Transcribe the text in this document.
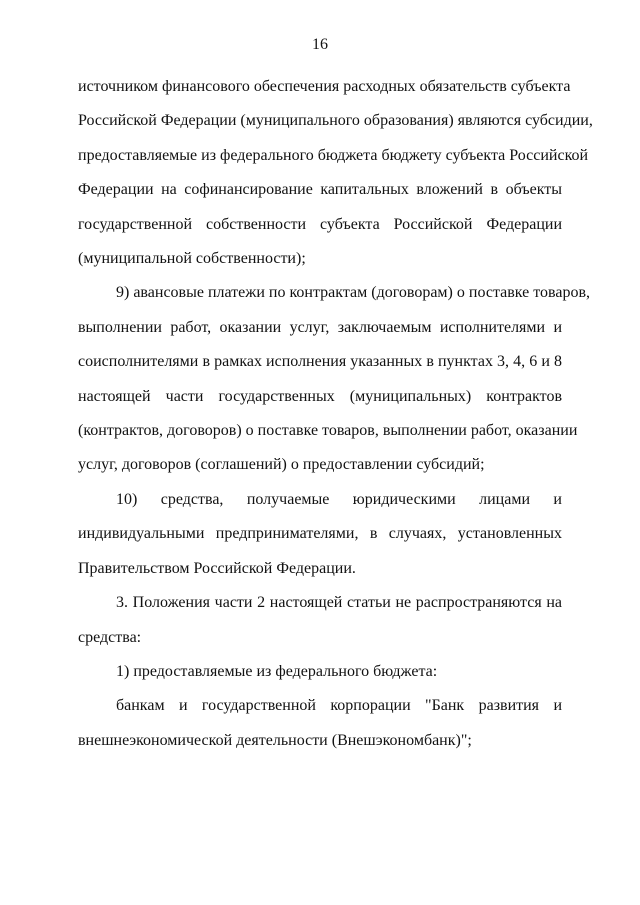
16
источником финансового обеспечения расходных обязательств субъекта
Российской Федерации (муниципального образования) являются субсидии,
предоставляемые из федерального бюджета бюджету субъекта Российской
Федерации на софинансирование капитальных вложений в объекты
государственной собственности субъекта Российской Федерации
(муниципальной собственности);
9) авансовые платежи по контрактам (договорам) о поставке товаров,
выполнении работ, оказании услуг, заключаемым исполнителями и
соисполнителями в рамках исполнения указанных в пунктах 3, 4, 6 и 8
настоящей части государственных (муниципальных) контрактов
(контрактов, договоров) о поставке товаров, выполнении работ, оказании
услуг, договоров (соглашений) о предоставлении субсидий;
10) средства, получаемые юридическими лицами и
индивидуальными предпринимателями, в случаях, установленных
Правительством Российской Федерации.
3. Положения части 2 настоящей статьи не распространяются на
средства:
1) предоставляемые из федерального бюджета:
банкам и государственной корпорации "Банк развития и
внешнеэкономической деятельности (Внешэкономбанк)";
